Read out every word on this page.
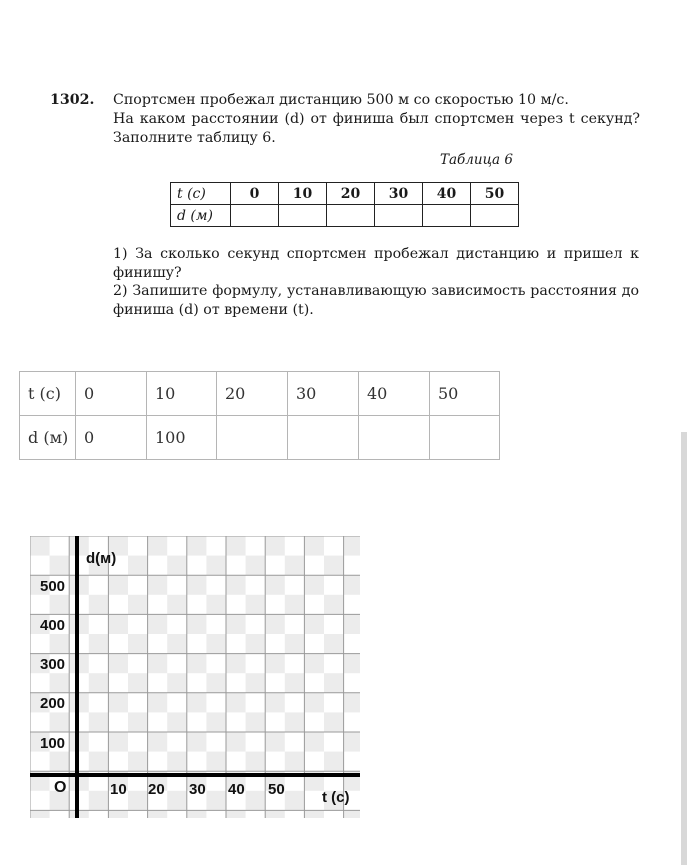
1302. Спортсмен пробежал дистанцию 500 м со скоростью 10 м/с.

На каком расстоянии (d) от финиша был спортсмен через t секунд? Заполните таблицу 6.

Таблица 6
t (с)	0	10	20	30	40	50
d (м)						

1) За сколько секунд спортсмен пробежал дистанцию и пришел к финишу?

2) Запишите формулу, устанавливающую зависимость расстояния до финиша (d) от времени (t).

t (с)	0	10	20	30	40	50
d (м)	0	100				
d(м)
O
t (с)
500
400
300
200
100
10 20 30 40 50
